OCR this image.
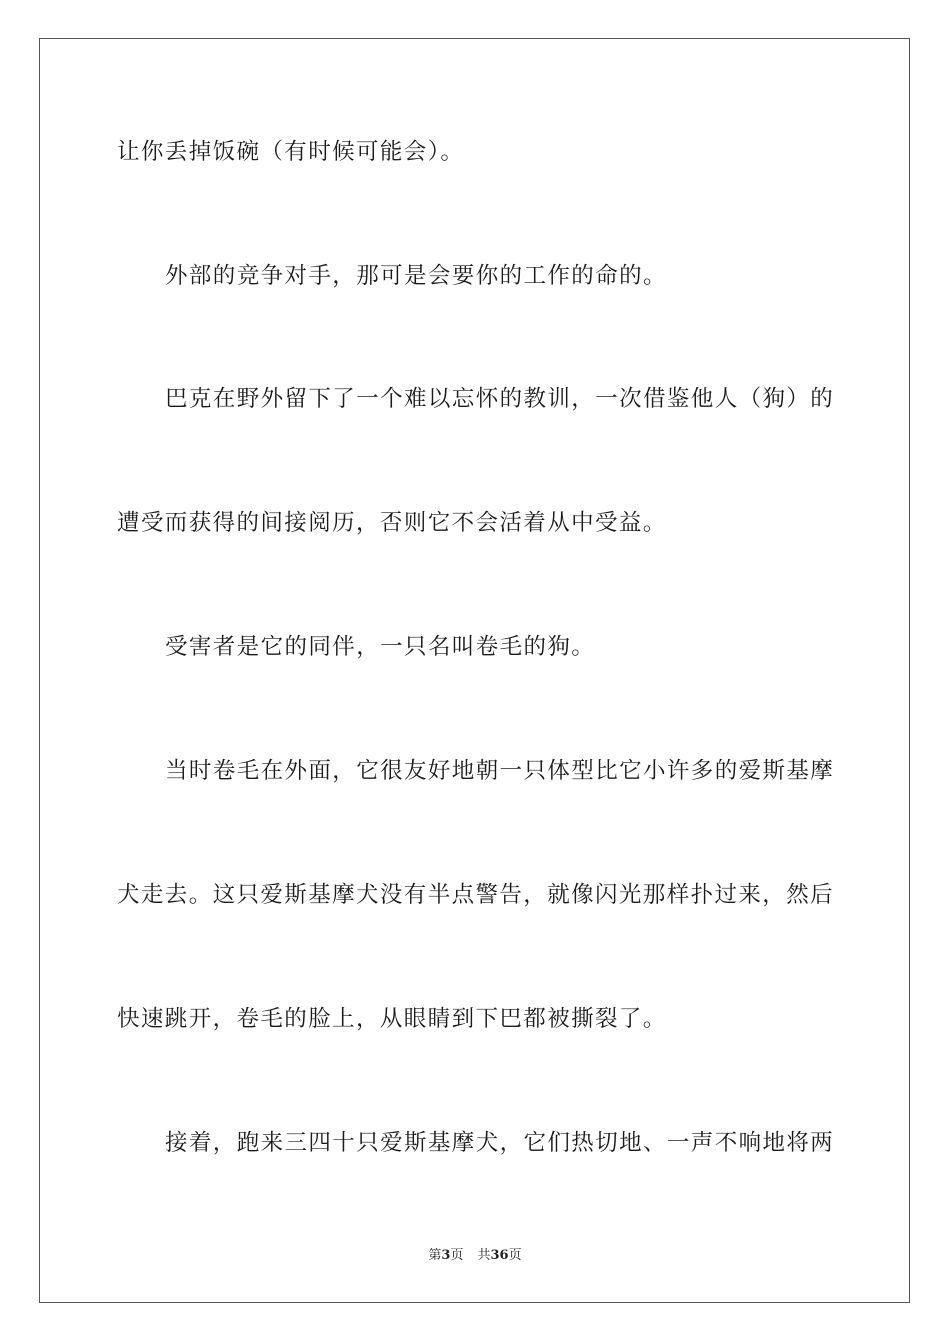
让你丢掉饭碗（有时候可能会）。
外部的竞争对手，那可是会要你的工作的命的。
巴克在野外留下了一个难以忘怀的教训，一次借鉴他人（狗）的
遭受而获得的间接阅历，否则它不会活着从中受益。
受害者是它的同伴，一只名叫卷毛的狗。
当时卷毛在外面，它很友好地朝一只体型比它小许多的爱斯基摩
犬走去。这只爱斯基摩犬没有半点警告，就像闪光那样扑过来，然后
快速跳开，卷毛的脸上，从眼睛到下巴都被撕裂了。
接着，跑来三四十只爱斯基摩犬，它们热切地、一声不响地将两
第3页 共36页
